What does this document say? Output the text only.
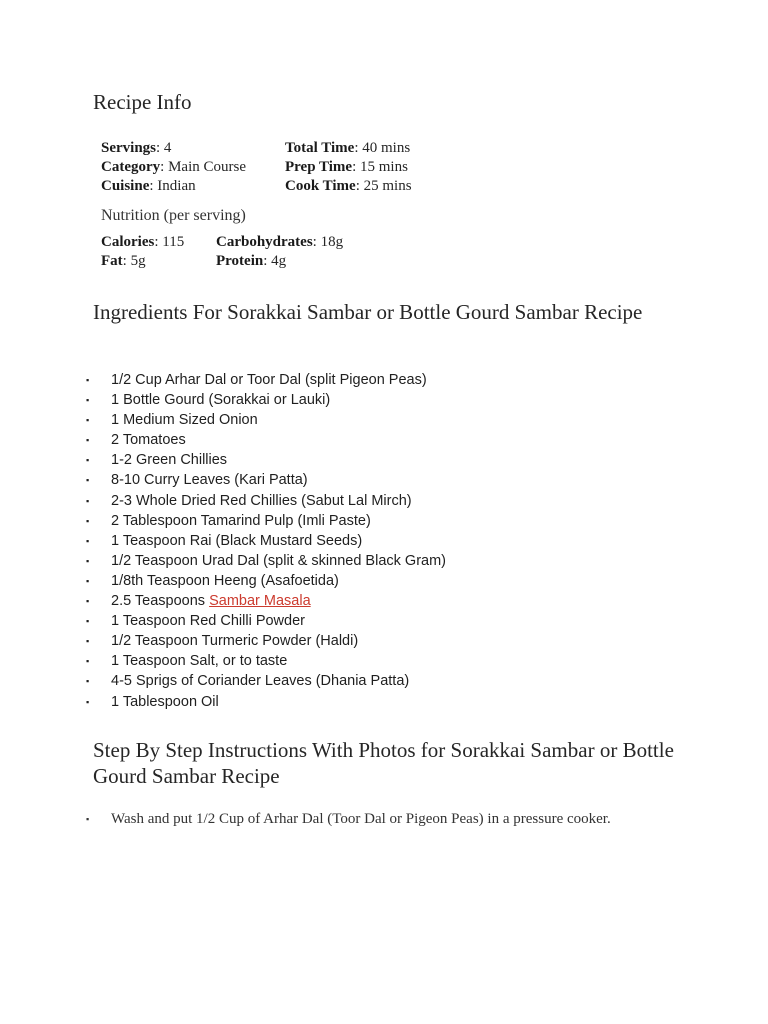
Recipe Info
Servings: 4	Total Time: 40 mins
Category: Main Course	Prep Time: 15 mins
Cuisine: Indian	Cook Time: 25 mins
Nutrition (per serving)
Calories: 115	Carbohydrates: 18g
Fat: 5g	Protein: 4g
Ingredients For Sorakkai Sambar or Bottle Gourd Sambar Recipe
▪ 1/2 Cup Arhar Dal or Toor Dal (split Pigeon Peas)
▪ 1 Bottle Gourd (Sorakkai or Lauki)
▪ 1 Medium Sized Onion
▪ 2 Tomatoes
▪ 1-2 Green Chillies
▪ 8-10 Curry Leaves (Kari Patta)
▪ 2-3 Whole Dried Red Chillies (Sabut Lal Mirch)
▪ 2 Tablespoon Tamarind Pulp (Imli Paste)
▪ 1 Teaspoon Rai (Black Mustard Seeds)
▪ 1/2 Teaspoon Urad Dal (split & skinned Black Gram)
▪ 1/8th Teaspoon Heeng (Asafoetida)
▪ 2.5 Teaspoons Sambar Masala
▪ 1 Teaspoon Red Chilli Powder
▪ 1/2 Teaspoon Turmeric Powder (Haldi)
▪ 1 Teaspoon Salt, or to taste
▪ 4-5 Sprigs of Coriander Leaves (Dhania Patta)
▪ 1 Tablespoon Oil
Step By Step Instructions With Photos for Sorakkai Sambar or Bottle Gourd Sambar Recipe
▪ Wash and put 1/2 Cup of Arhar Dal (Toor Dal or Pigeon Peas) in a pressure cooker.
